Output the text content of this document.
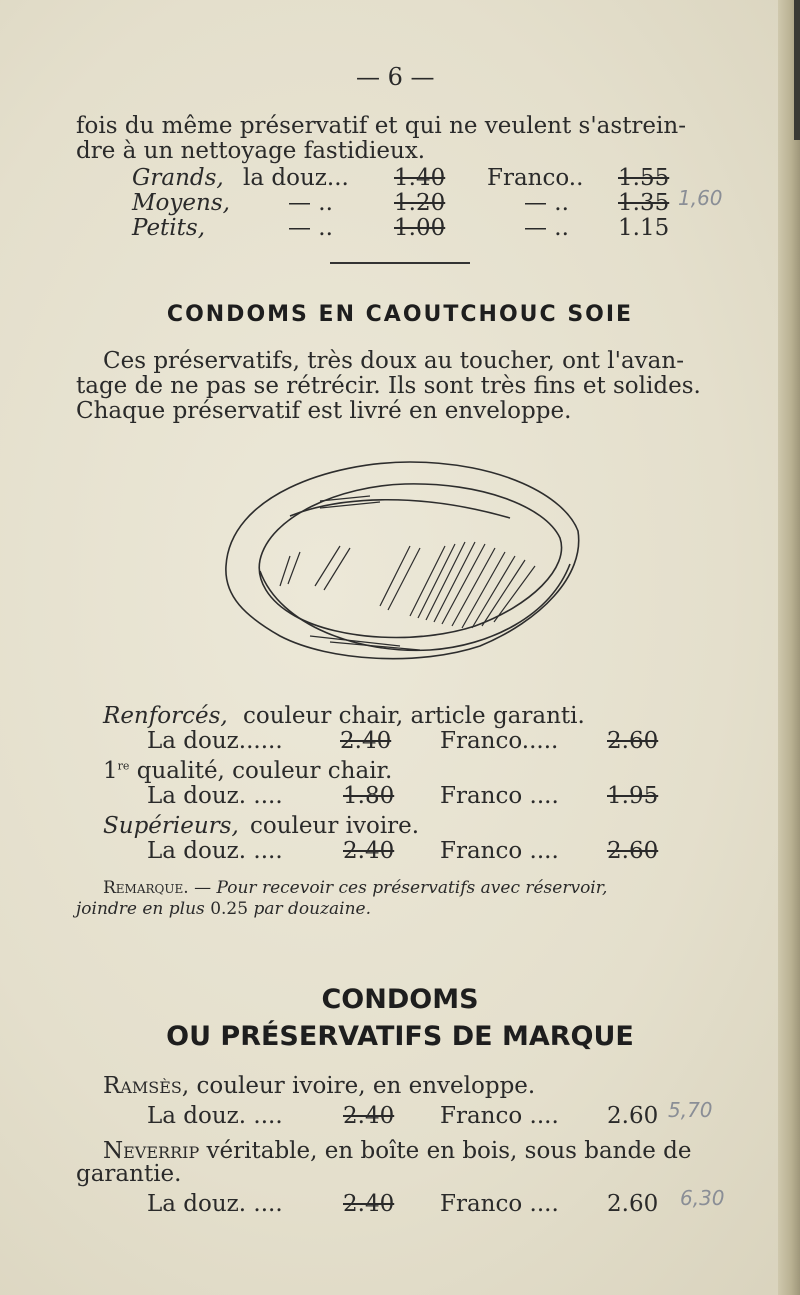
— 6 —
fois du même préservatif et qui ne veulent s'astrein-
dre à un nettoyage fastidieux.
Grands, la douz... 1.40 Franco.. 1.55
Moyens,	— ..	1.20	— .. 1.35
Petits,	— ..	1.00	— .. 1.15
1,60
CONDOMS EN CAOUTCHOUC SOIE
Ces préservatifs, très doux au toucher, ont l'avan-
tage de ne pas se rétrécir. Ils sont très fins et solides.
Chaque préservatif est livré en enveloppe.
Renforcés, couleur chair, article garanti.
La douz...... 2.40 Franco..... 2.60
1re qualité, couleur chair.
La douz. ....	1.80 Franco .... 1.95
Supérieurs, couleur ivoire.
La douz. ....	2.40 Franco .... 2.60
Remarque. — Pour recevoir ces préservatifs avec réservoir,
joindre en plus 0.25 par douzaine.
CONDOMS
OU PRÉSERVATIFS DE MARQUE
Ramsès, couleur ivoire, en enveloppe.
La douz. ....	2.40 Franco .... 2.60 5,70
Neverrip véritable, en boîte en bois, sous bande de
garantie.
La douz. ....	2.40 Franco .... 2.60 6,30
